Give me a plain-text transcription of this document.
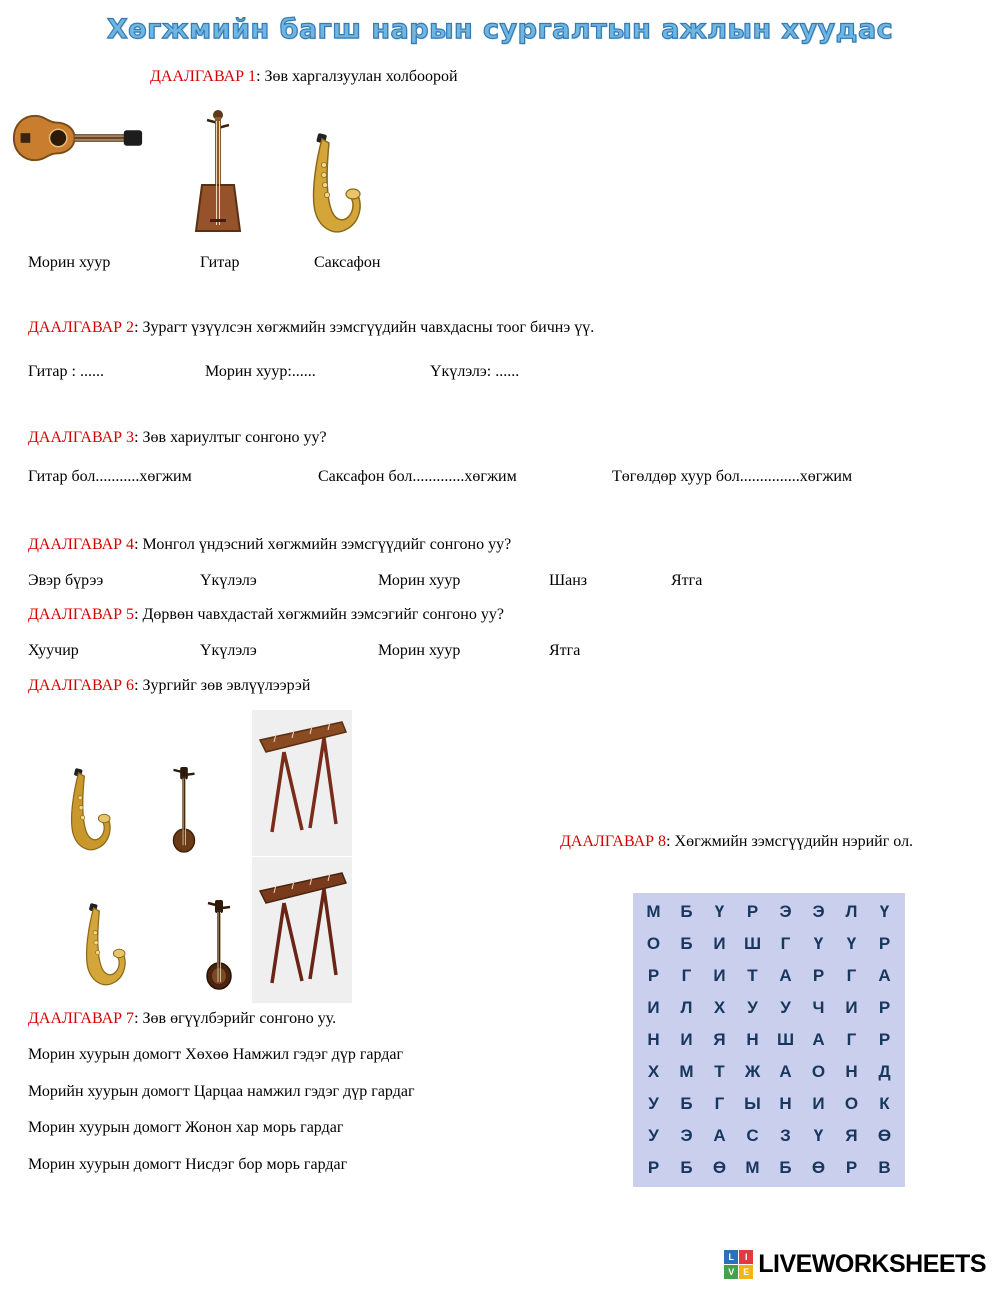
Хөгжмийн багш нарын сургалтын ажлын хуудас
ДААЛГАВАР 1: Зөв харгалзуулан холбоорой
Морин хуур	Гитар	Саксафон
ДААЛГАВАР 2: Зурагт үзүүлсэн хөгжмийн зэмсгүүдийн чавхдасны тоог бичнэ үү.
Гитар : ......	Морин хуур:......	Үкүлэлэ: ......
ДААЛГАВАР 3: Зөв хариултыг сонгоно уу?
Гитар бол...........хөгжим	Саксафон бол.............хөгжим	Төгөлдөр хуур бол...............хөгжим
ДААЛГАВАР 4: Монгол үндэсний хөгжмийн зэмсгүүдийг сонгоно уу?
Эвэр бүрээ	Үкүлэлэ	Морин хуур	Шанз	Ятга
ДААЛГАВАР 5: Дөрвөн чавхдастай хөгжмийн зэмсэгийг сонгоно уу?
Хуучир	Үкүлэлэ	Морин хуур	Ятга
ДААЛГАВАР 6: Зургийг зөв эвлүүлээрэй
ДААЛГАВАР 8: Хөгжмийн зэмсгүүдийн нэрийг ол.
М	Б	Ү	Р	Э	Э	Л	Ү
О	Б	И	Ш	Г	Ү	Ү	Р
Р	Г	И	Т	А	Р	Г	А
И	Л	Х	У	У	Ч	И	Р
Н	И	Я	Н	Ш	А	Г	Р
Х	М	Т	Ж	А	О	Н	Д
У	Б	Г	Ы	Н	И	О	К
У	Э	А	С	З	Ү	Я	Ө
Р	Б	Ө	М	Б	Ө	Р	В
ДААЛГАВАР 7: Зөв өгүүлбэрийг сонгоно уу.
Морин хуурын домогт Хөхөө Намжил гэдэг дүр гардаг
Морийн хуурын домогт Царцаа намжил гэдэг дүр гардаг
Морин хуурын домогт Жонон хар морь гардаг
Морин хуурын домогт Нисдэг бор морь гардаг
L	I
V E LIVEWORKSHEETS
